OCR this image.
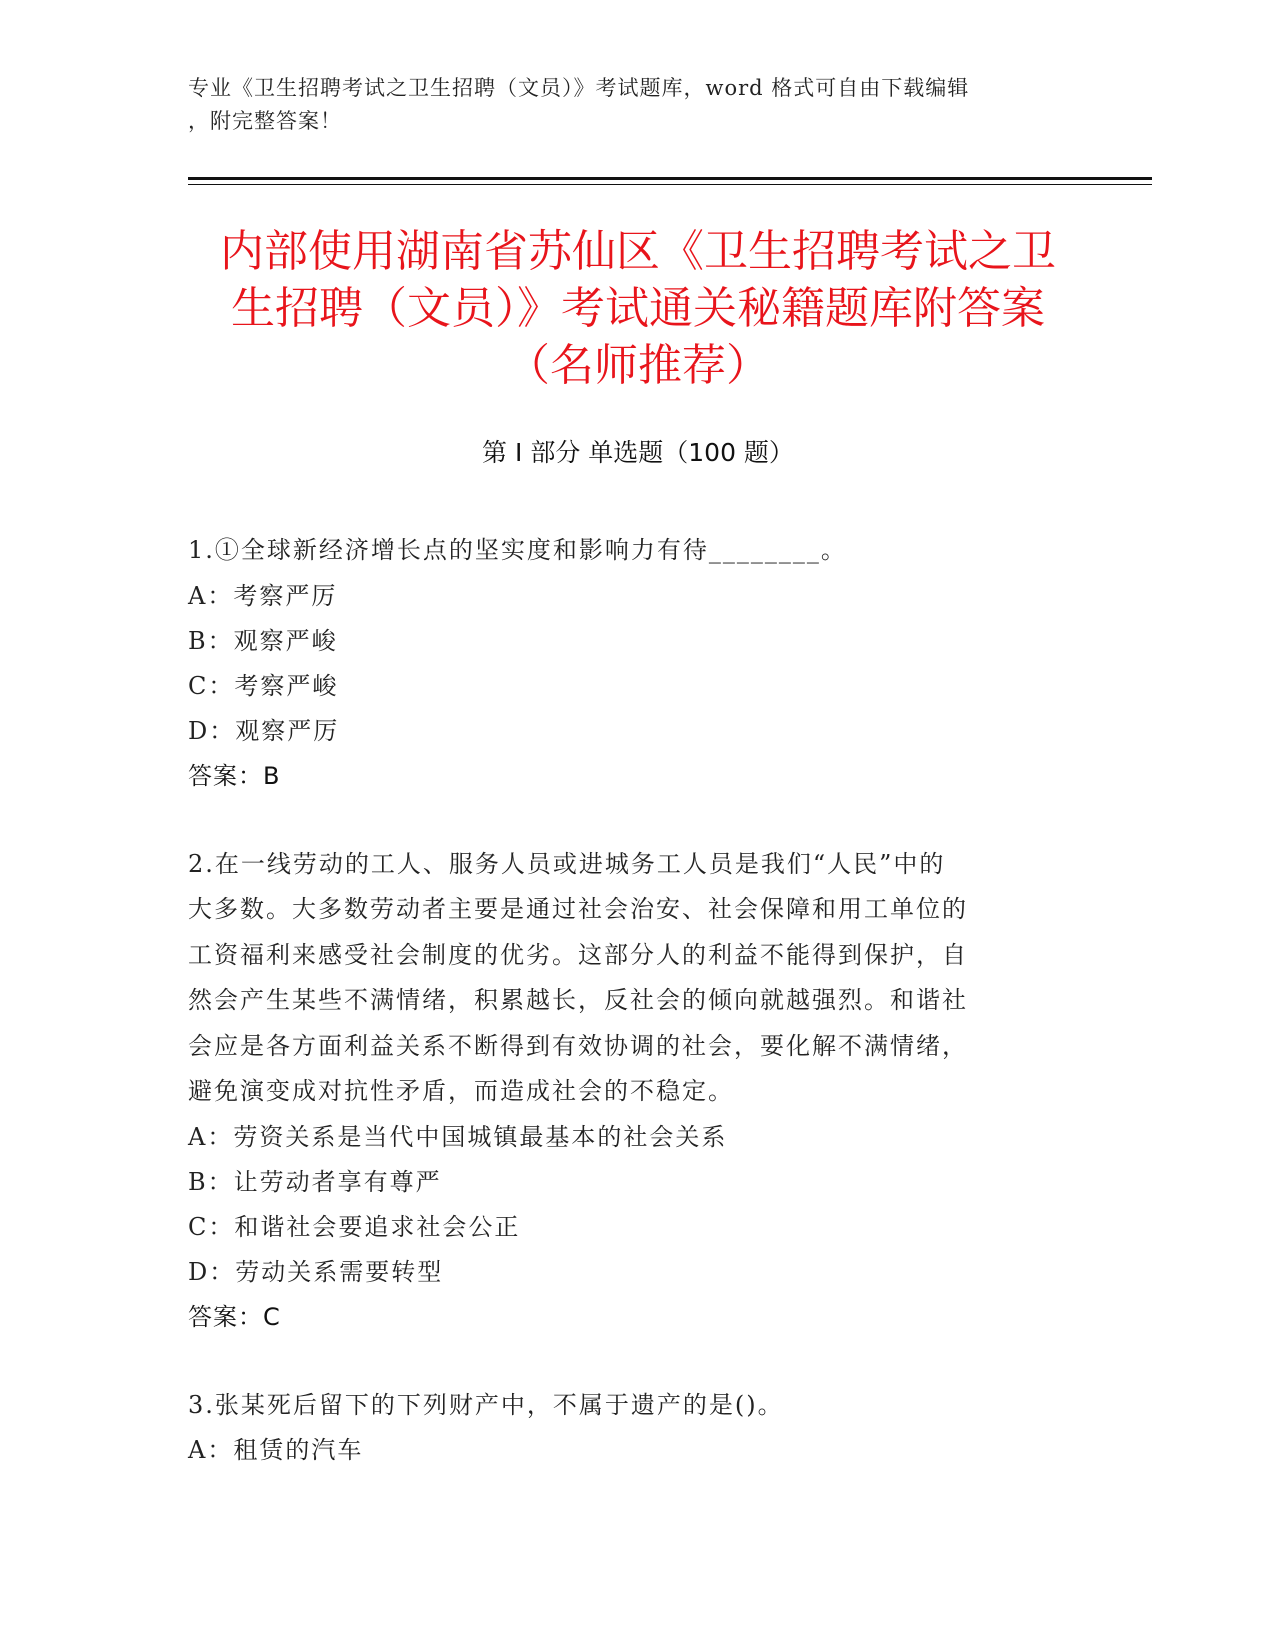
专业《卫生招聘考试之卫生招聘（文员）》考试题库，word 格式可自由下载编辑
，附完整答案！
内部使用湖南省苏仙区《卫生招聘考试之卫
生招聘（文员）》考试通关秘籍题库附答案
（名师推荐）
第 I 部分 单选题（100 题）

1.①全球新经济增长点的坚实度和影响力有待________。

A：考察严厉

B：观察严峻

C：考察严峻

D：观察严厉

答案：B

2.在一线劳动的工人、服务人员或进城务工人员是我们“人民”中的

大多数。大多数劳动者主要是通过社会治安、社会保障和用工单位的

工资福利来感受社会制度的优劣。这部分人的利益不能得到保护，自

然会产生某些不满情绪，积累越长，反社会的倾向就越强烈。和谐社

会应是各方面利益关系不断得到有效协调的社会，要化解不满情绪，

避免演变成对抗性矛盾，而造成社会的不稳定。

A：劳资关系是当代中国城镇最基本的社会关系

B：让劳动者享有尊严

C：和谐社会要追求社会公正

D：劳动关系需要转型

答案：C

3.张某死后留下的下列财产中，不属于遗产的是()。

A：租赁的汽车
